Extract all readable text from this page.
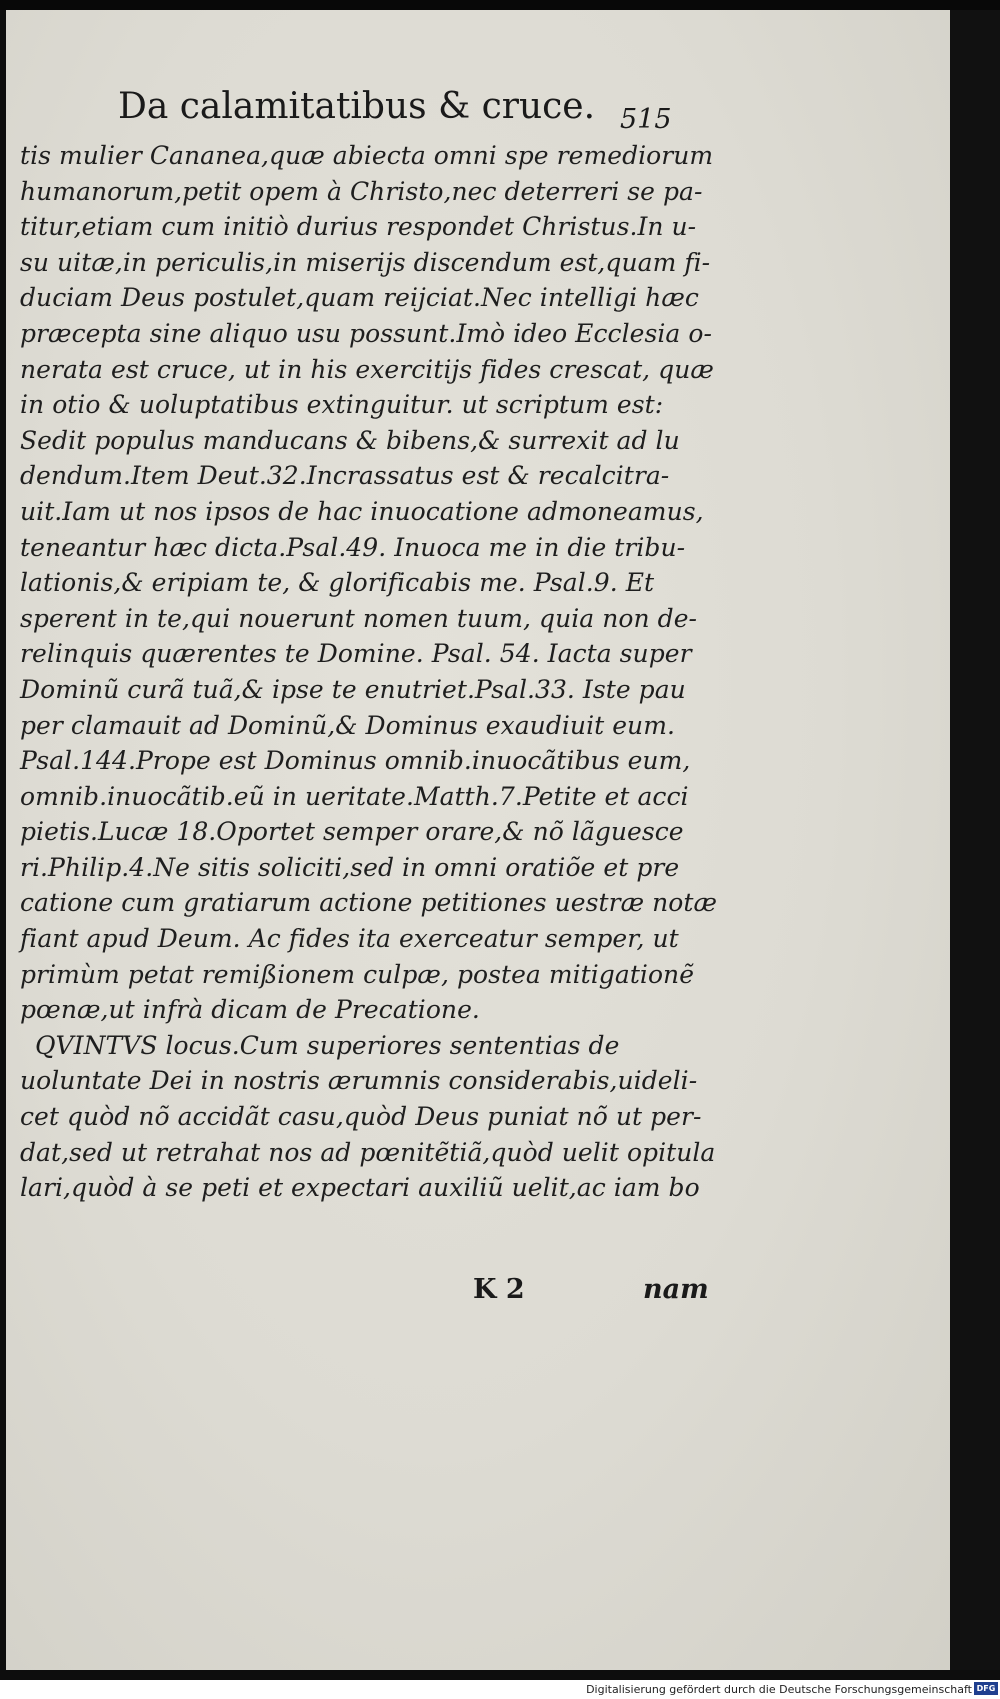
Da calamitatibus & cruce. 515
tis mulier Cananea,quæ abiecta omni spe remediorum
humanorum,petit opem à Christo,nec deterreri se pa-
titur,etiam cum initiò durius respondet Christus.In u-
su uitæ,in periculis,in miserijs discendum est,quam fi-
duciam Deus postulet,quam reijciat.Nec intelligi hæc
præcepta sine aliquo usu possunt.Imò ideo Ecclesia o-
nerata est cruce, ut in his exercitijs fides crescat, quæ
in otio & uoluptatibus extinguitur. ut scriptum est:
Sedit populus manducans & bibens,& surrexit ad lu
dendum.Item Deut.32.Incrassatus est & recalcitra-
uit.Iam ut nos ipsos de hac inuocatione admoneamus,
teneantur hæc dicta.Psal.49. Inuoca me in die tribu-
lationis,& eripiam te, & glorificabis me. Psal.9. Et
sperent in te,qui nouerunt nomen tuum, quia non de-
relinquis quærentes te Domine. Psal. 54. Iacta super
Dominũ curã tuã,& ipse te enutriet.Psal.33. Iste pau
per clamauit ad Dominũ,& Dominus exaudiuit eum.
Psal.144.Prope est Dominus omnib.inuocãtibus eum,
omnib.inuocãtib.eũ in ueritate.Matth.7.Petite et acci
pietis.Lucæ 18.Oportet semper orare,& nõ lãguesce
ri.Philip.4.Ne sitis soliciti,sed in omni oratiõe et pre
catione cum gratiarum actione petitiones uestræ notæ
fiant apud Deum. Ac fides ita exerceatur semper, ut
primùm petat remißionem culpæ, postea mitigationẽ
pœnæ,ut infrà dicam de Precatione.
QVINTVS locus.Cum superiores sententias de
uoluntate Dei in nostris ærumnis considerabis,uideli-
cet quòd nõ accidãt casu,quòd Deus puniat nõ ut per-
dat,sed ut retrahat nos ad pœnitẽtiã,quòd uelit opitula
lari,quòd à se peti et expectari auxiliũ uelit,ac iam bo
K 2	nam
Digitalisierung gefördert durch die Deutsche Forschungsgemeinschaft DFG
